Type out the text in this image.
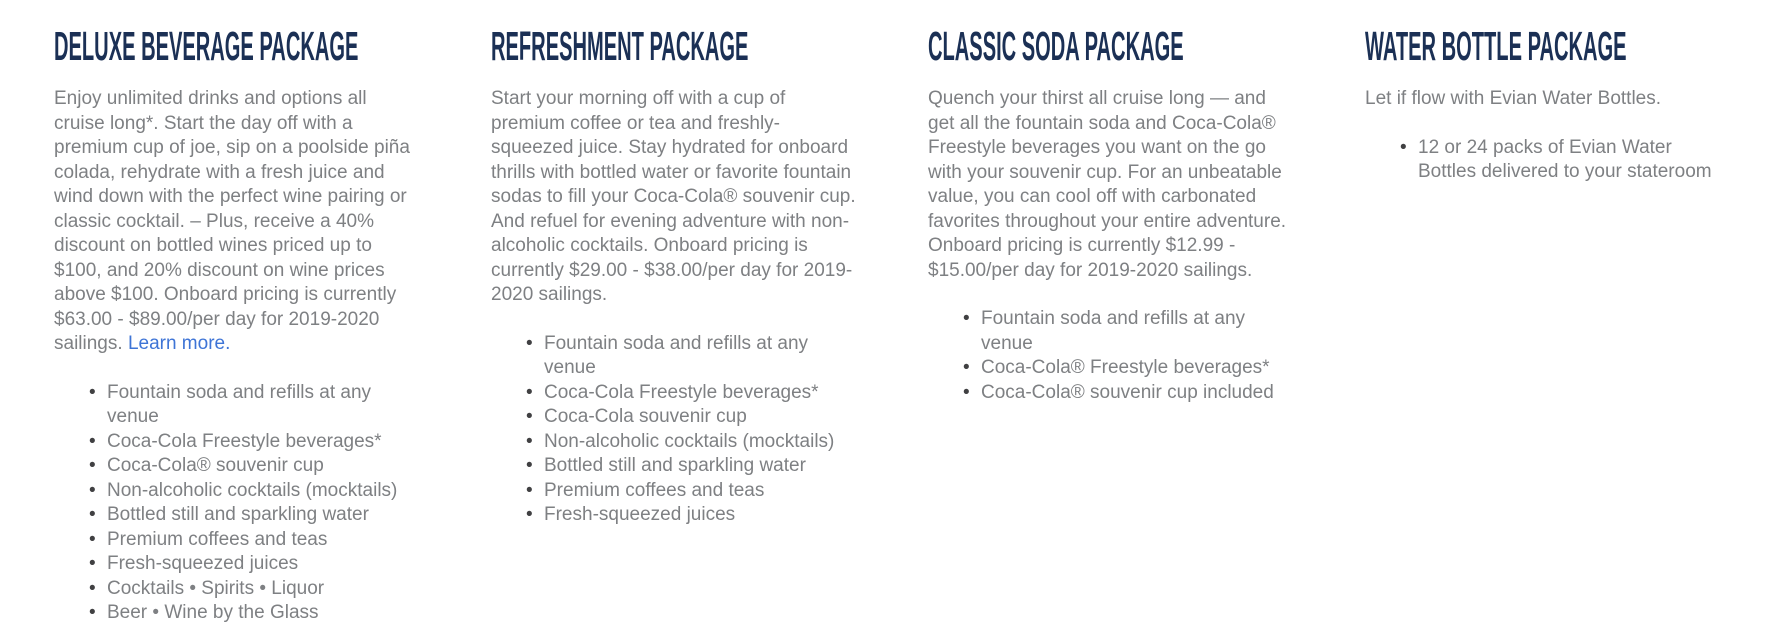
DELUXE BEVERAGE PACKAGE

Enjoy unlimited drinks and options all cruise long*. Start the day off with a premium cup of joe, sip on a poolside piña colada, rehydrate with a fresh juice and wind down with the perfect wine pairing or classic cocktail. – Plus, receive a 40% discount on bottled wines priced up to $100, and 20% discount on wine prices above $100. Onboard pricing is currently $63.00 - $89.00/per day for 2019-2020 sailings. Learn more.

• Fountain soda and refills at any venue
• Coca-Cola Freestyle beverages*
• Coca-Cola® souvenir cup
• Non-alcoholic cocktails (mocktails)
• Bottled still and sparkling water
• Premium coffees and teas
• Fresh-squeezed juices
• Cocktails • Spirits • Liquor
• Beer • Wine by the Glass
REFRESHMENT PACKAGE

Start your morning off with a cup of premium coffee or tea and freshly-squeezed juice. Stay hydrated for onboard thrills with bottled water or favorite fountain sodas to fill your Coca-Cola® souvenir cup. And refuel for evening adventure with non-alcoholic cocktails. Onboard pricing is currently $29.00 - $38.00/per day for 2019-2020 sailings.

• Fountain soda and refills at any venue
• Coca-Cola Freestyle beverages*
• Coca-Cola souvenir cup
• Non-alcoholic cocktails (mocktails)
• Bottled still and sparkling water
• Premium coffees and teas
• Fresh-squeezed juices
CLASSIC SODA PACKAGE

Quench your thirst all cruise long — and get all the fountain soda and Coca-Cola® Freestyle beverages you want on the go with your souvenir cup. For an unbeatable value, you can cool off with carbonated favorites throughout your entire adventure. Onboard pricing is currently $12.99 - $15.00/per day for 2019-2020 sailings.

• Fountain soda and refills at any venue
• Coca-Cola® Freestyle beverages*
• Coca-Cola® souvenir cup included
WATER BOTTLE PACKAGE

Let if flow with Evian Water Bottles.

• 12 or 24 packs of Evian Water Bottles delivered to your stateroom
